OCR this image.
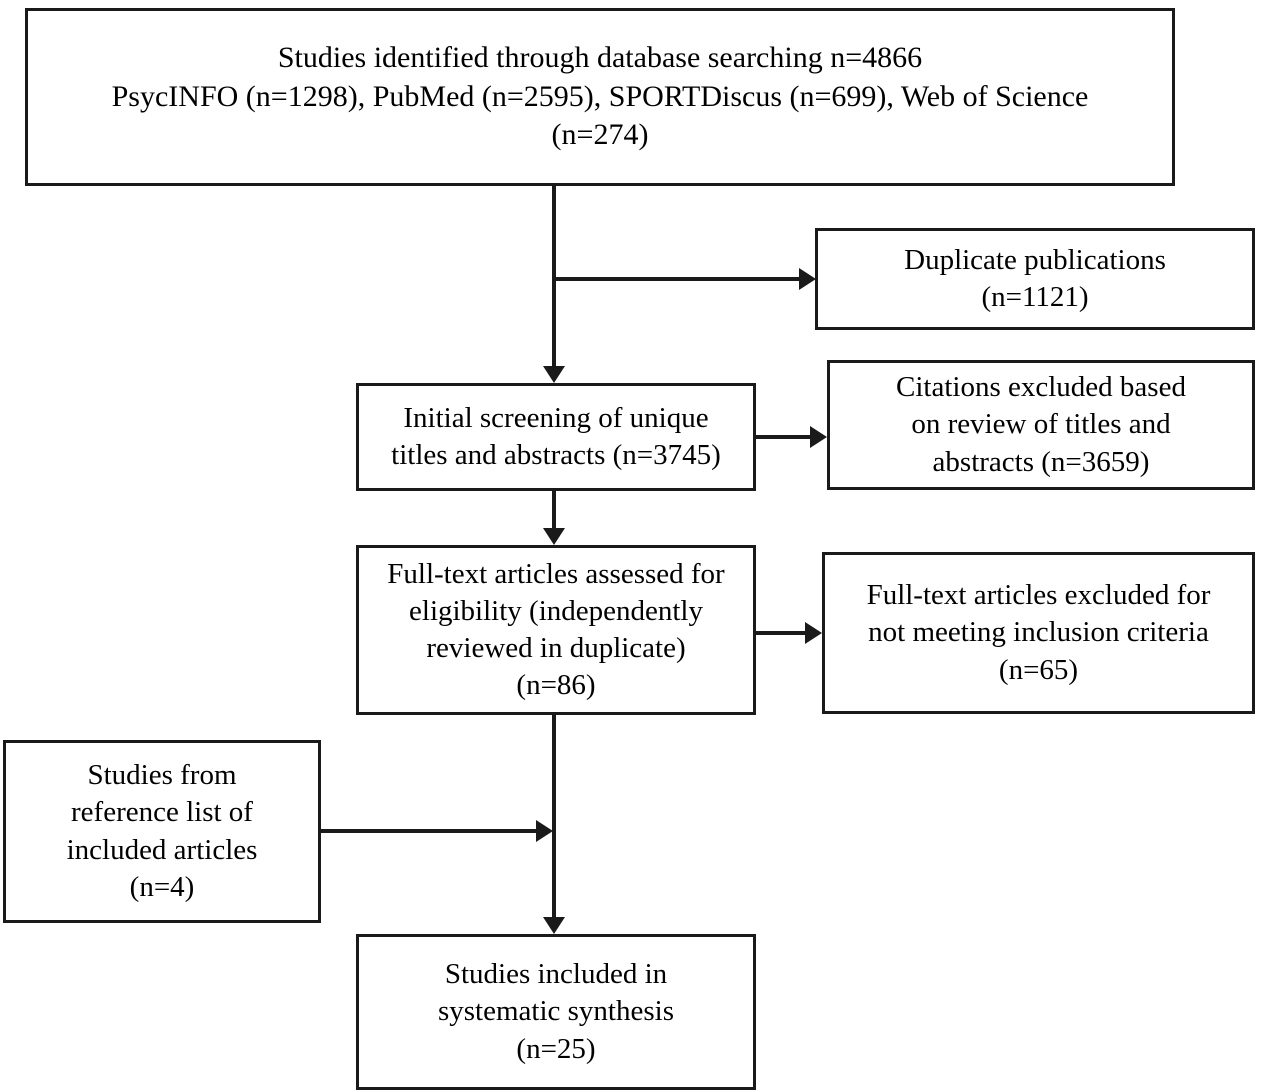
Studies identified through database searching n=4866
PsycINFO (n=1298), PubMed (n=2595), SPORTDiscus (n=699), Web of Science
(n=274)
Duplicate publications
(n=1121)
Initial screening of unique
titles and abstracts (n=3745)
Citations excluded based
on review of titles and
abstracts (n=3659)
Full-text articles assessed for
eligibility (independently
reviewed in duplicate)
(n=86)
Full-text articles excluded for
not meeting inclusion criteria
(n=65)
Studies from
reference list of
included articles
(n=4)
Studies included in
systematic synthesis
(n=25)
